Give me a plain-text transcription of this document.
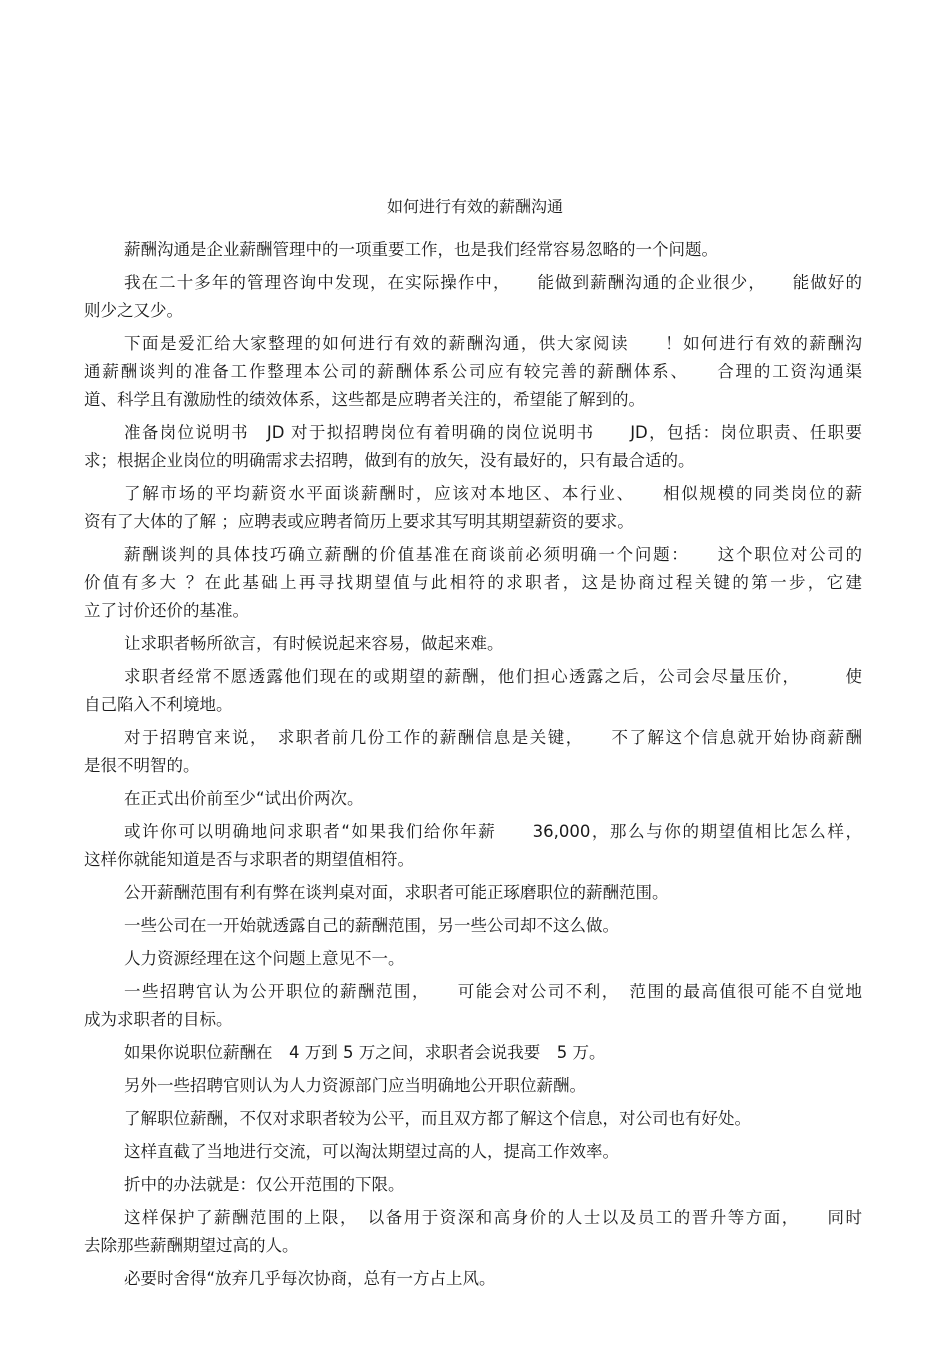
如何进行有效的薪酬沟通
薪酬沟通是企业薪酬管理中的一项重要工作，也是我们经常容易忽略的一个问题。
我在二十多年的管理咨询中发现，在实际操作中，　　能做到薪酬沟通的企业很少，　　能做好的
则少之又少。
下面是爱汇给大家整理的如何进行有效的薪酬沟通，供大家阅读　　！如何进行有效的薪酬沟
通薪酬谈判的准备工作整理本公司的薪酬体系公司应有较完善的薪酬体系、　　合理的工资沟通渠
道、科学且有激励性的绩效体系，这些都是应聘者关注的，希望能了解到的。
准备岗位说明书　JD 对于拟招聘岗位有着明确的岗位说明书　　JD，包括：岗位职责、任职要
求；根据企业岗位的明确需求去招聘，做到有的放矢，没有最好的，只有最合适的。
了解市场的平均薪资水平面谈薪酬时，应该对本地区、本行业、　　相似规模的同类岗位的薪
资有了大体的了解 ；应聘表或应聘者简历上要求其写明其期望薪资的要求。
薪酬谈判的具体技巧确立薪酬的价值基准在商谈前必须明确一个问题：　　这个职位对公司的
价值有多大 ？在此基础上再寻找期望值与此相符的求职者，这是协商过程关键的第一步，它建
立了讨价还价的基准。
让求职者畅所欲言，有时候说起来容易，做起来难。
求职者经常不愿透露他们现在的或期望的薪酬，他们担心透露之后，公司会尽量压价，　　　使
自己陷入不利境地。
对于招聘官来说，　求职者前几份工作的薪酬信息是关键，　　不了解这个信息就开始协商薪酬
是很不明智的。
在正式出价前至少“试出价两次。
或许你可以明确地问求职者“如果我们给你年薪　　36,000，那么与你的期望值相比怎么样，
这样你就能知道是否与求职者的期望值相符。
公开薪酬范围有利有弊在谈判桌对面，求职者可能正琢磨职位的薪酬范围。
一些公司在一开始就透露自己的薪酬范围，另一些公司却不这么做。
人力资源经理在这个问题上意见不一。
一些招聘官认为公开职位的薪酬范围，　　可能会对公司不利，　范围的最高值很可能不自觉地
成为求职者的目标。
如果你说职位薪酬在　4 万到 5 万之间，求职者会说我要　5 万。
另外一些招聘官则认为人力资源部门应当明确地公开职位薪酬。
了解职位薪酬，不仅对求职者较为公平，而且双方都了解这个信息，对公司也有好处。
这样直截了当地进行交流，可以淘汰期望过高的人，提高工作效率。
折中的办法就是：仅公开范围的下限。
这样保护了薪酬范围的上限，　以备用于资深和高身价的人士以及员工的晋升等方面，　　同时
去除那些薪酬期望过高的人。
必要时舍得“放弃几乎每次协商，总有一方占上风。
